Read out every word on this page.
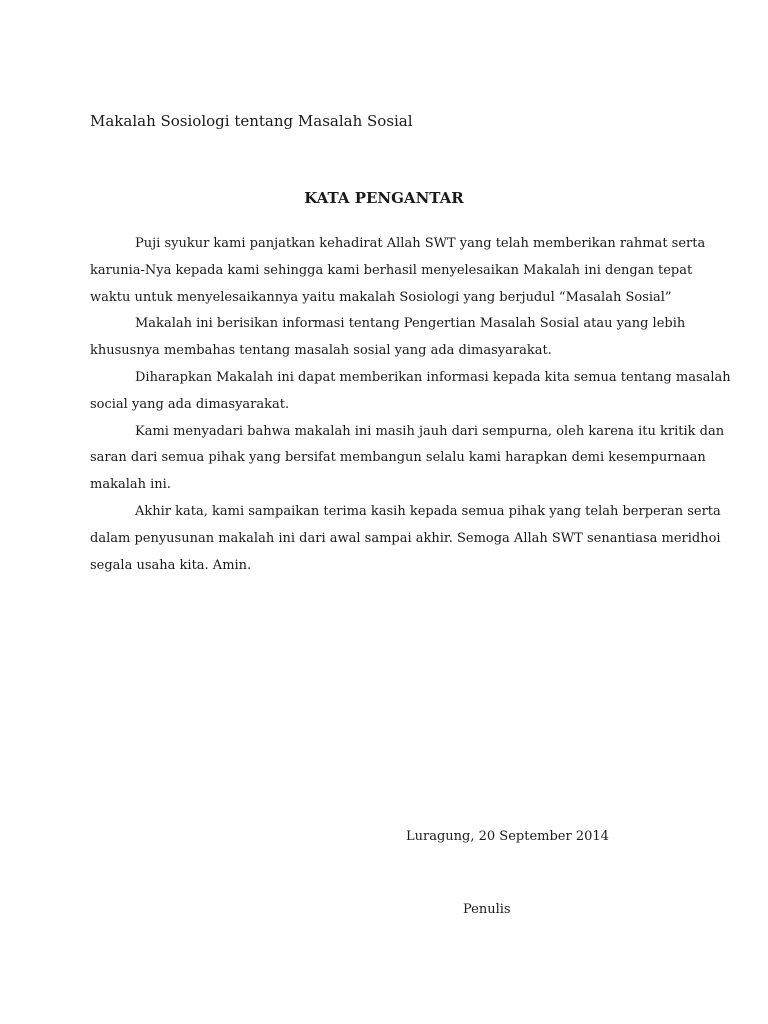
Makalah Sosiologi tentang Masalah Sosial
KATA PENGANTAR

Puji syukur kami panjatkan kehadirat Allah SWT yang telah memberikan rahmat serta
karunia-Nya kepada kami sehingga kami berhasil menyelesaikan Makalah ini dengan tepat
waktu untuk menyelesaikannya yaitu makalah Sosiologi yang berjudul “Masalah Sosial”

Makalah ini berisikan informasi tentang Pengertian Masalah Sosial atau yang lebih
khususnya membahas tentang masalah sosial yang ada dimasyarakat.

Diharapkan Makalah ini dapat memberikan informasi kepada kita semua tentang masalah
social yang ada dimasyarakat.

Kami menyadari bahwa makalah ini masih jauh dari sempurna, oleh karena itu kritik dan
saran dari semua pihak yang bersifat membangun selalu kami harapkan demi kesempurnaan
makalah ini.

Akhir kata, kami sampaikan terima kasih kepada semua pihak yang telah berperan serta
dalam penyusunan makalah ini dari awal sampai akhir. Semoga Allah SWT senantiasa meridhoi
segala usaha kita. Amin.

Luragung, 20 September 2014
Penulis
